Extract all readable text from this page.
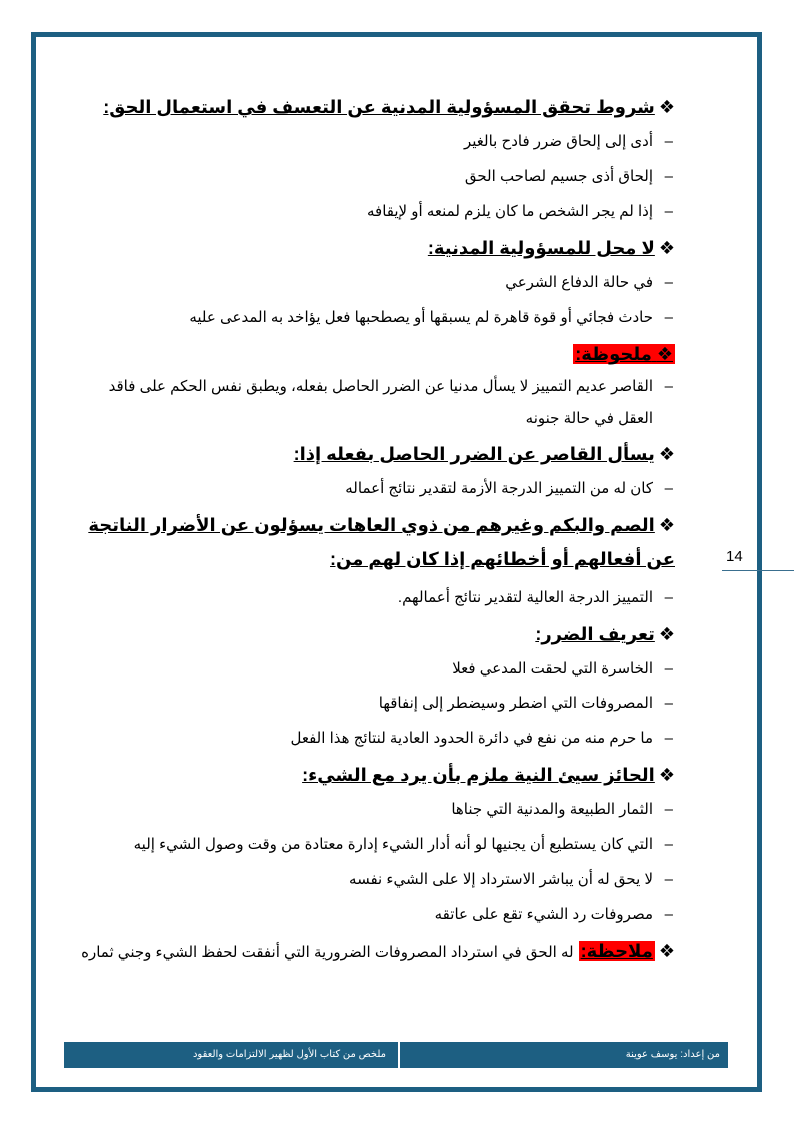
❖شروط تحقق المسؤولية المدنية عن التعسف في استعمال الحق:
–
أدى إلى إلحاق ضرر فادح بالغير
–
إلحاق أذى جسيم لصاحب الحق
–
إذا لم يجر الشخص ما كان يلزم لمنعه أو لإيقافه
❖لا محل للمسؤولية المدنية:
–
في حالة الدفاع الشرعي
–
حادث فجائي أو قوة قاهرة لم يسبقها أو يصطحبها فعل يؤاخد به المدعى عليه
❖ ملحوظة:
–
القاصر عديم التمييز لا يسأل مدنيا عن الضرر الحاصل بفعله، ويطبق نفس الحكم على فاقد العقل في حالة جنونه
❖يسأل القاصر عن الضرر الحاصل بفعله إذا:
–
كان له من التمييز الدرجة الأزمة لتقدير نتائج أعماله
❖الصم والبكم وغيرهم من ذوي العاهات يسؤلون عن الأضرار الناتجة عن أفعالهم أو أخطائهم إذا كان لهم من:
–
التمييز الدرجة العالية لتقدير نتائج أعمالهم.
❖تعريف الضرر:
–
الخاسرة التي لحقت المدعي فعلا
–
المصروفات التي اضطر وسيضطر إلى إنفاقها
–
ما حرم منه من نفع في دائرة الحدود العادية لنتائج هذا الفعل
❖الحائز سيئ النية ملزم بأن يرد مع الشيء:
–
الثمار الطبيعة والمدنية التي جناها
–
التي كان يستطيع أن يجنيها لو أنه أدار الشيء إدارة معتادة من وقت وصول الشيء إليه
–
لا يحق له أن يباشر الاسترداد إلا على الشيء نفسه
–
مصروفات رد الشيء تقع على عاتقه
❖ملاحظة: له الحق في استرداد المصروفات الضرورية التي أنفقت لحفظ الشيء وجني ثماره
14
ملخص من كتاب الأول لظهير الالتزامات والعقود	من إعداد: يوسف عوينة
